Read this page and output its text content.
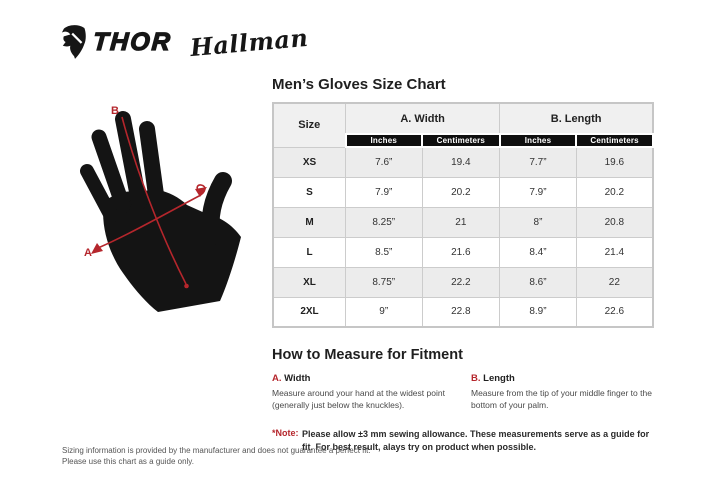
THOR Hallman
B
A
Men’s Gloves Size Chart
Size	A. Width		B. Length	
	Inches	Centimeters	Inches	Centimeters
XS	7.6”	19.4	7.7”	19.6
S	7.9”	20.2	7.9”	20.2
M	8.25”	21	8”	20.8
L	8.5”	21.6	8.4”	21.4
XL	8.75”	22.2	8.6”	22
2XL	9”	22.8	8.9”	22.6
How to Measure for Fitment
A. Width
Measure around your hand at the widest point (generally just below the knuckles).
B. Length
Measure from the tip of your middle finger to the bottom of your palm.
*Note: Please allow ±3 mm sewing allowance. These measurements serve as a guide for fit. For best result, alays try on product when possible.
Sizing information is provided by the manufacturer and does not guarantee a perfect fit.
Please use this chart as a guide only.
